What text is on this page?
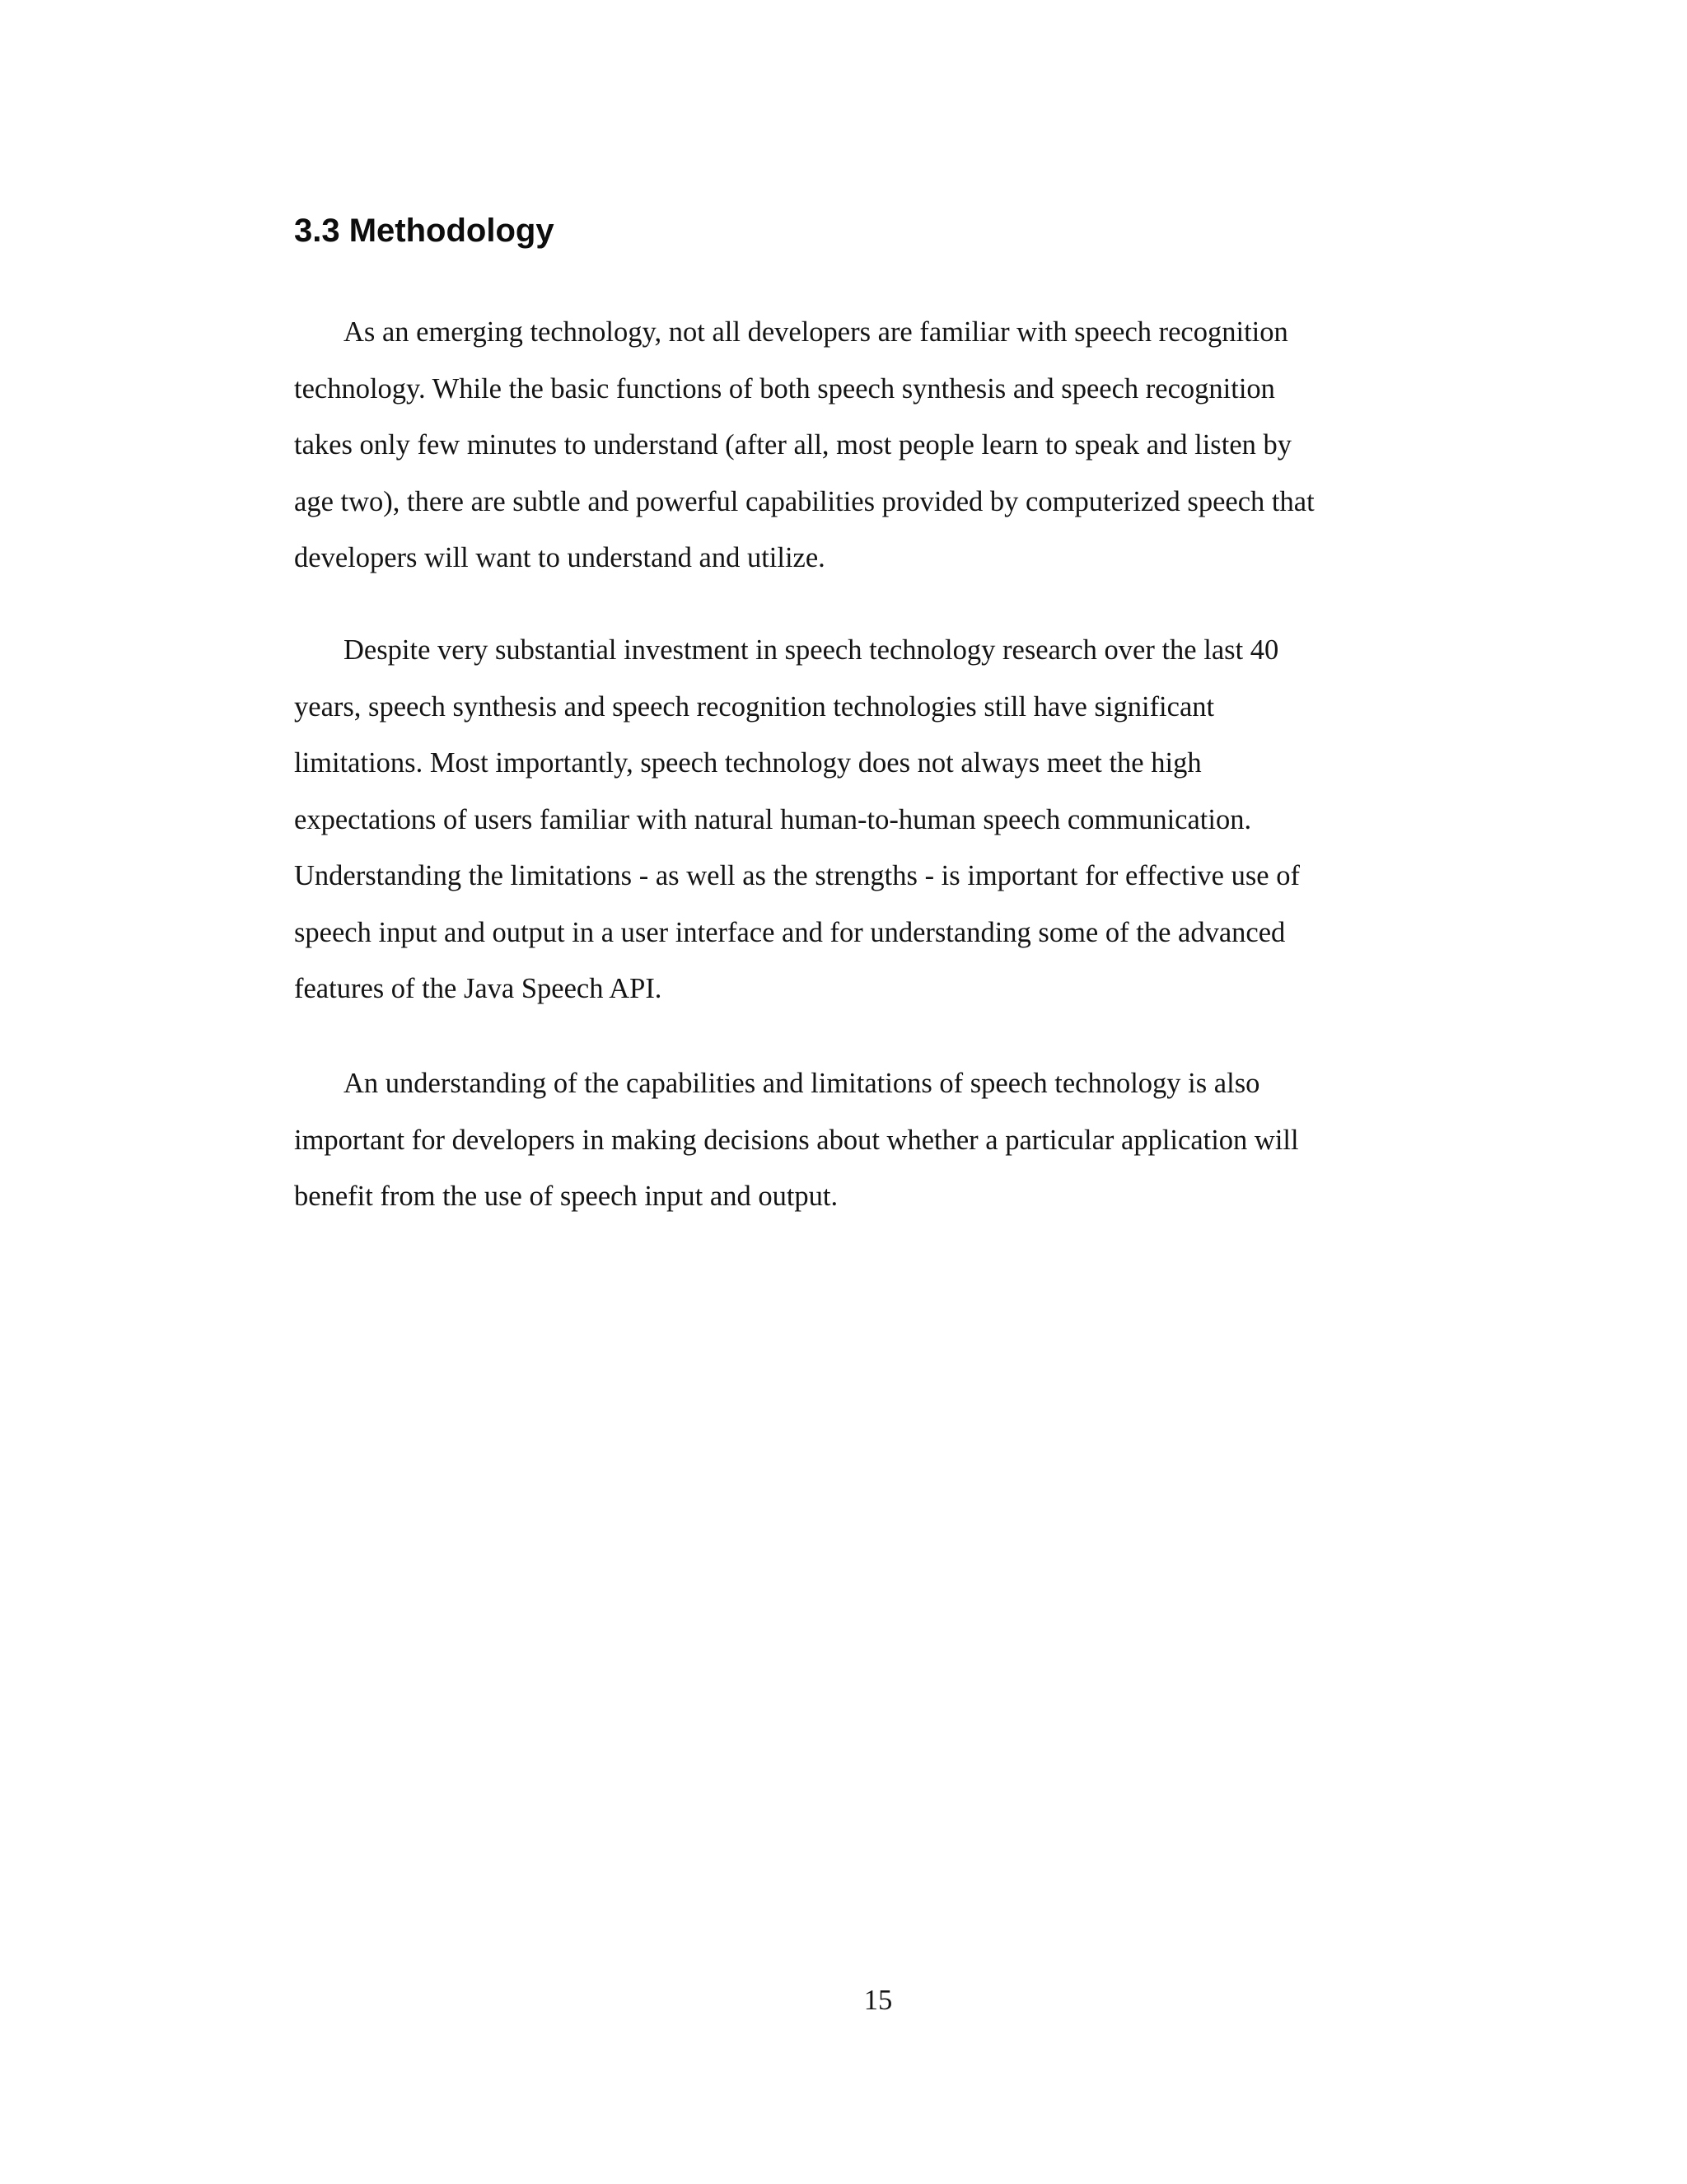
3.3 Methodology

As an emerging technology, not all developers are familiar with speech recognition
technology. While the basic functions of both speech synthesis and speech recognition
takes only few minutes to understand (after all, most people learn to speak and listen by
age two), there are subtle and powerful capabilities provided by computerized speech that
developers will want to understand and utilize.

Despite very substantial investment in speech technology research over the last 40
years, speech synthesis and speech recognition technologies still have significant
limitations. Most importantly, speech technology does not always meet the high
expectations of users familiar with natural human-to-human speech communication.
Understanding the limitations - as well as the strengths - is important for effective use of
speech input and output in a user interface and for understanding some of the advanced
features of the Java Speech API.

An understanding of the capabilities and limitations of speech technology is also
important for developers in making decisions about whether a particular application will
benefit from the use of speech input and output.

15
